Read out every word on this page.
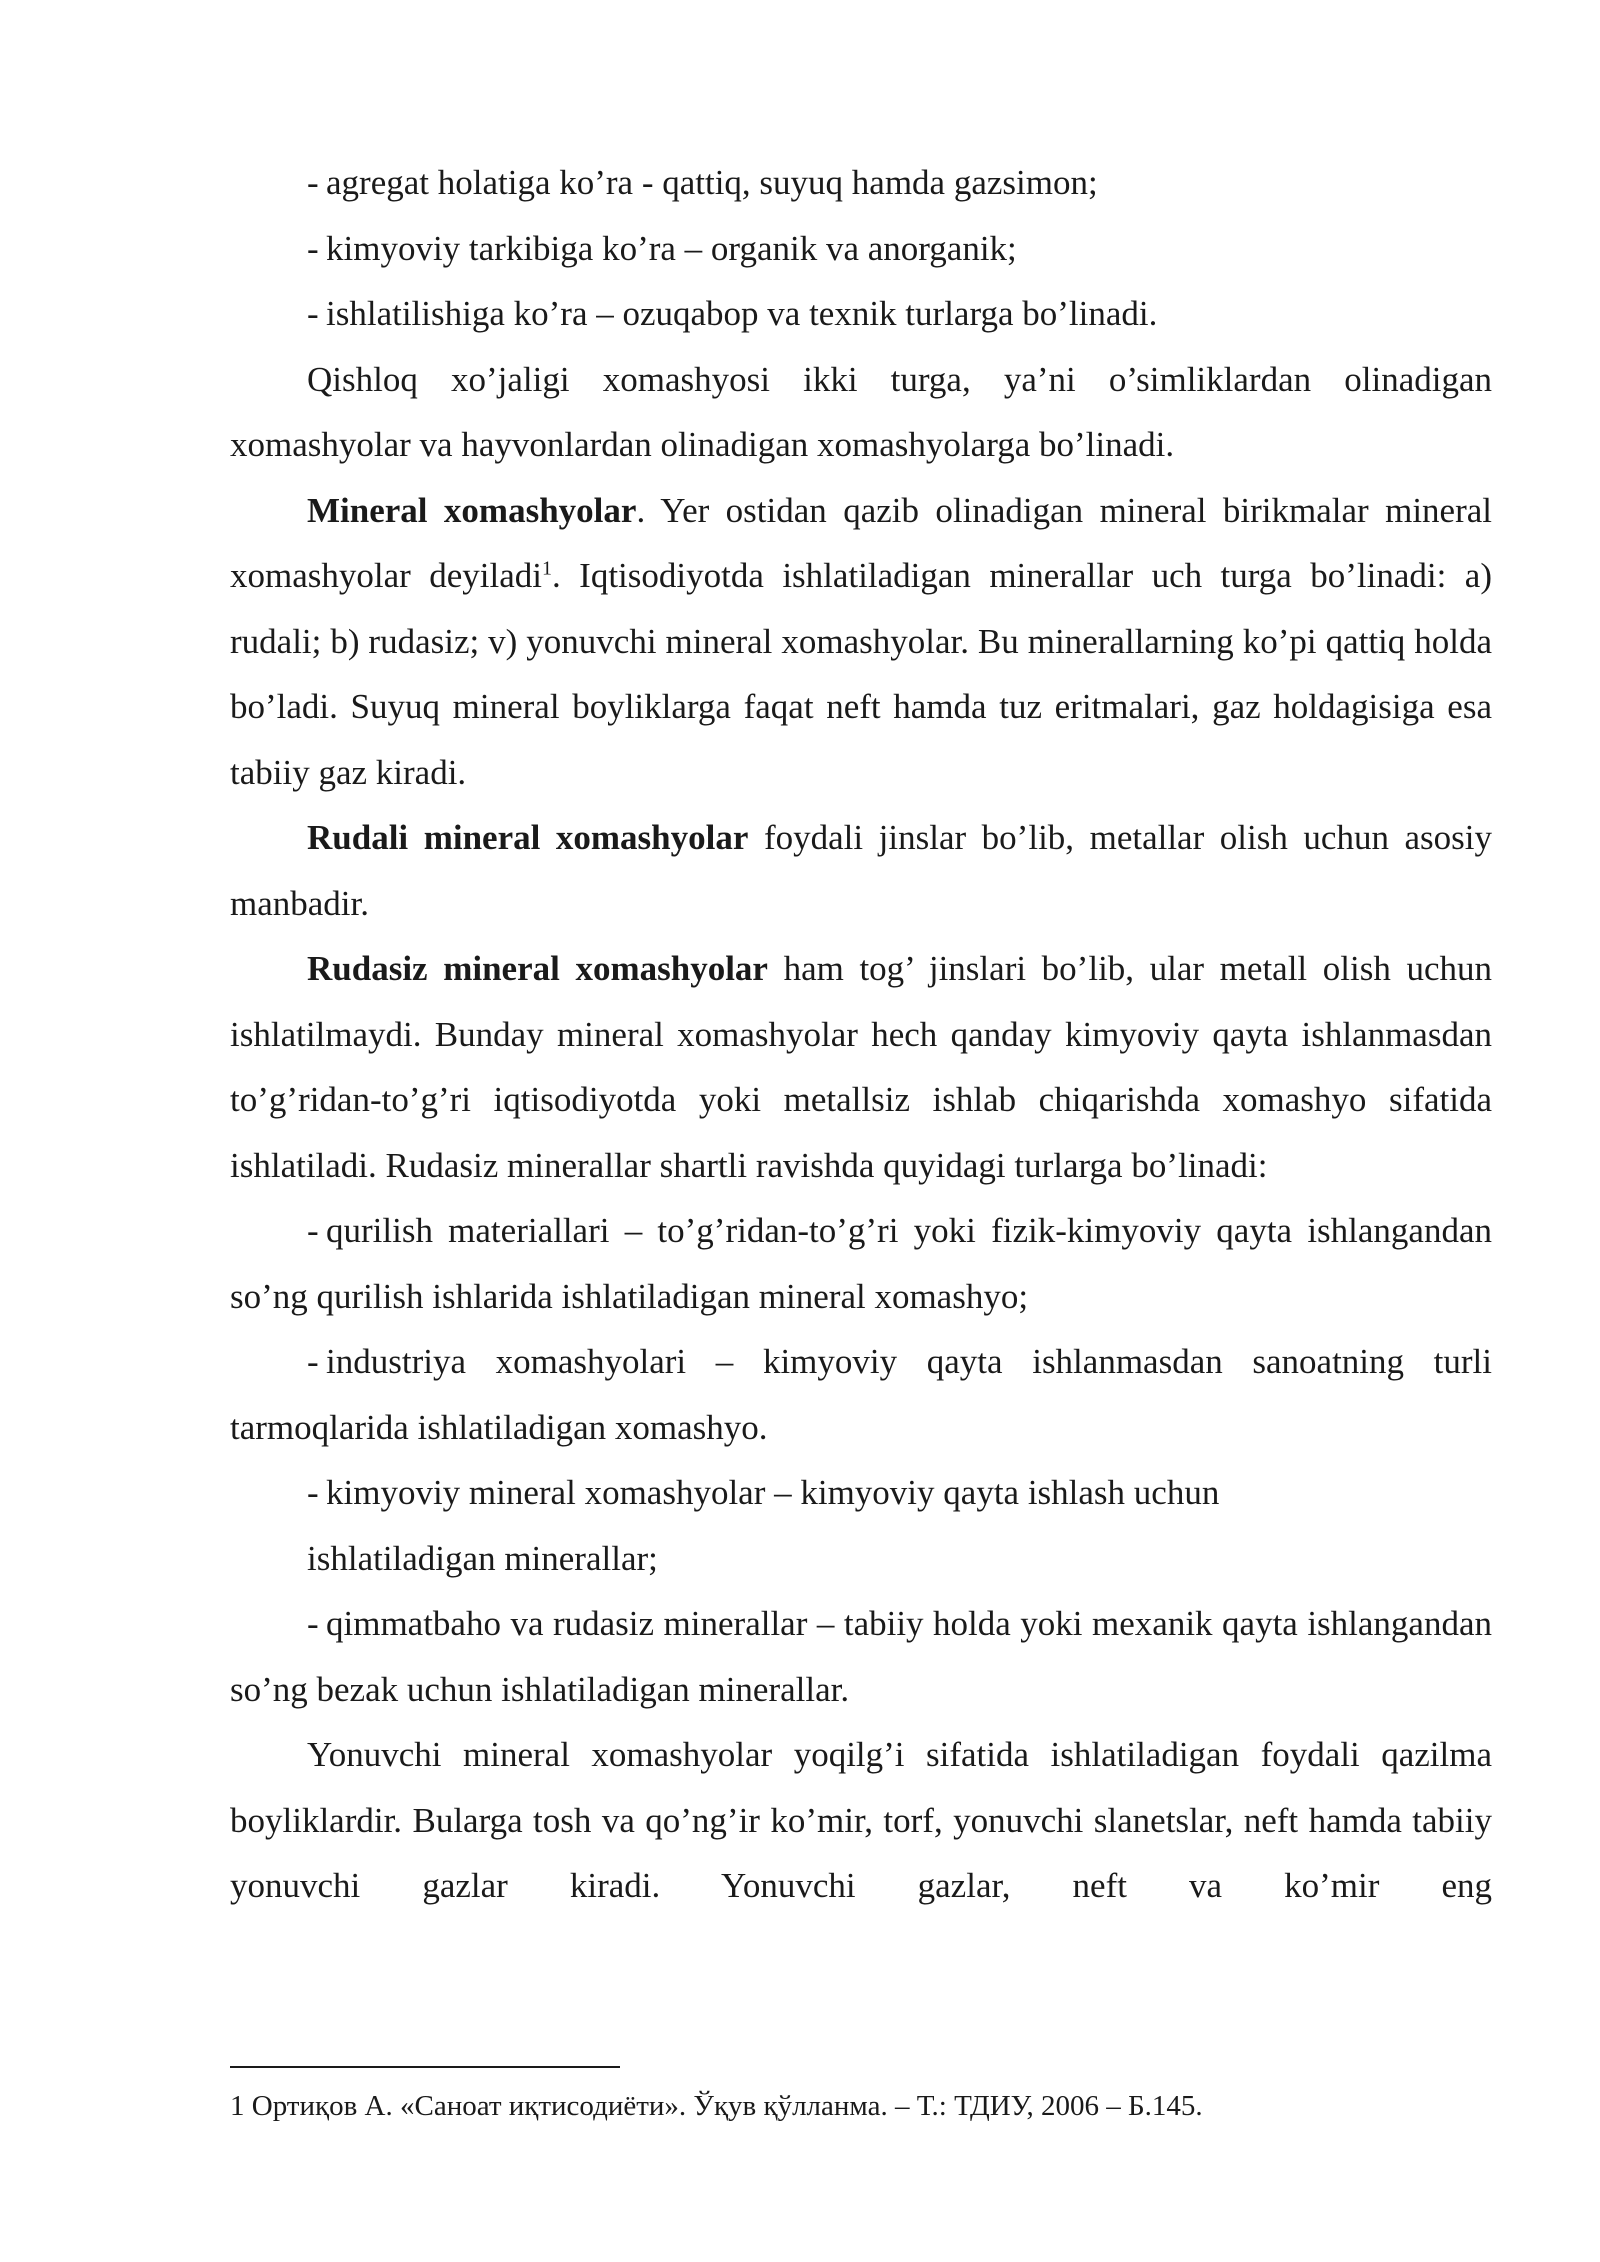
- agregat holatiga ko’ra - qattiq, suyuq hamda gazsimon;

- kimyoviy tarkibiga ko’ra – organik va anorganik;

- ishlatilishiga ko’ra – ozuqabop va texnik turlarga bo’linadi.

Qishloq xo’jaligi xomashyosi ikki turga, ya’ni o’simliklardan olinadigan xomashyolar va hayvonlardan olinadigan xomashyolarga bo’linadi.

Mineral xomashyolar. Yer ostidan qazib olinadigan mineral birikmalar mineral xomashyolar deyiladi$^1$. Iqtisodiyotda ishlatiladigan minerallar uch turga bo’linadi: a) rudali; b) rudasiz; v) yonuvchi mineral xomashyolar. Bu minerallarning ko’pi qattiq holda bo’ladi. Suyuq mineral boyliklarga faqat neft hamda tuz eritmalari, gaz holdagisiga esa tabiiy gaz kiradi.

Rudali mineral xomashyolar foydali jinslar bo’lib, metallar olish uchun asosiy manbadir.

Rudasiz mineral xomashyolar ham tog’ jinslari bo’lib, ular metall olish uchun ishlatilmaydi. Bunday mineral xomashyolar hech qanday kimyoviy qayta ishlanmasdan to’g’ridan-to’g’ri iqtisodiyotda yoki metallsiz ishlab chiqarishda xomashyo sifatida ishlatiladi. Rudasiz minerallar shartli ravishda quyidagi turlarga bo’linadi:

- qurilish materiallari – to’g’ridan-to’g’ri yoki fizik-kimyoviy qayta ishlangandan so’ng qurilish ishlarida ishlatiladigan mineral xomashyo;

- industriya xomashyolari – kimyoviy qayta ishlanmasdan sanoatning turli tarmoqlarida ishlatiladigan xomashyo.

- kimyoviy mineral xomashyolar – kimyoviy qayta ishlash uchun

ishlatiladigan minerallar;

- qimmatbaho va rudasiz minerallar – tabiiy holda yoki mexanik qayta ishlangandan so’ng bezak uchun ishlatiladigan minerallar.

Yonuvchi mineral xomashyolar yoqilg’i sifatida ishlatiladigan foydali qazilma boyliklardir. Bularga tosh va qo’ng’ir ko’mir, torf, yonuvchi slanetslar, neft hamda tabiiy yonuvchi gazlar kiradi. Yonuvchi gazlar, neft va ko’mir eng

1 Ортиқов А. «Саноат иқтисодиёти». Ўқув қўлланма. – Т.: ТДИУ, 2006 – Б.145.
